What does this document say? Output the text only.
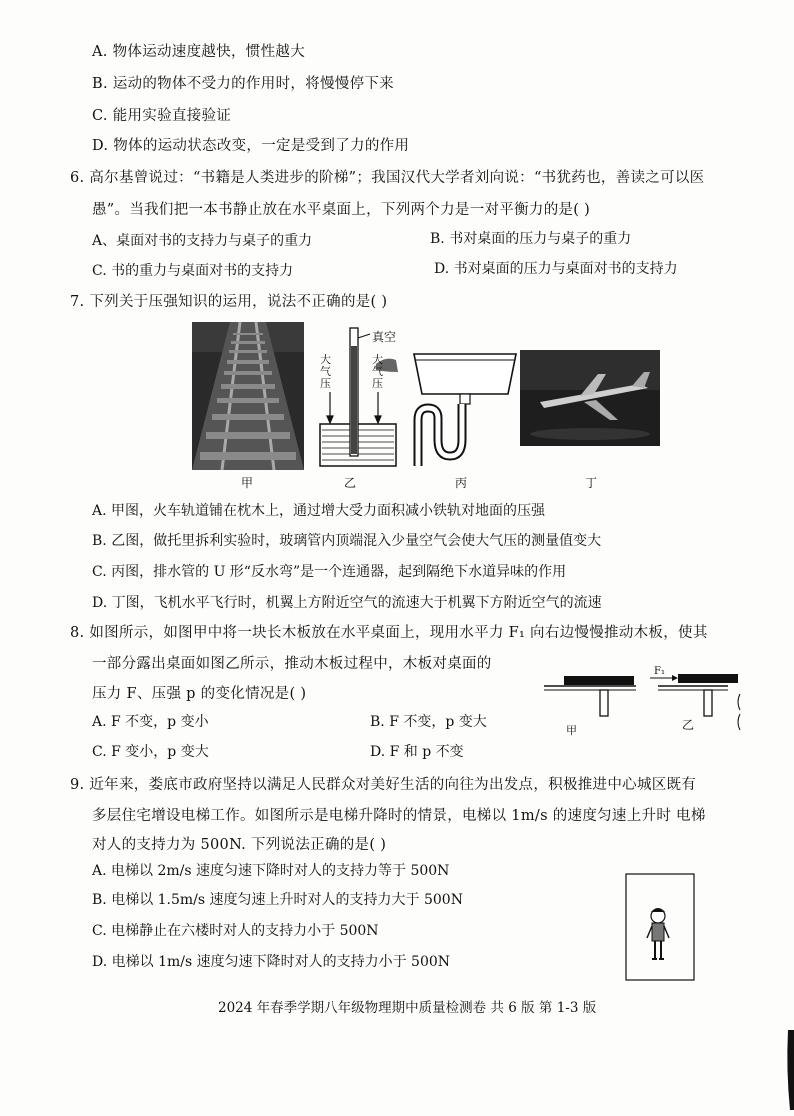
A. 物体运动速度越快，惯性越大
B. 运动的物体不受力的作用时，将慢慢停下来
C. 能用实验直接验证
D. 物体的运动状态改变，一定是受到了力的作用
6. 高尔基曾说过：“书籍是人类进步的阶梯”；我国汉代大学者刘向说：“书犹药也，善读之可以医
愚”。当我们把一本书静止放在水平桌面上，下列两个力是一对平衡力的是( )
A、桌面对书的支持力与桌子的重力	B. 书对桌面的压力与桌子的重力
C. 书的重力与桌面对书的支持力	D. 书对桌面的压力与桌面对书的支持力
7. 下列关于压强知识的运用，说法不正确的是( )
甲
真空
大气压
大气压
乙	丙	丁
A. 甲图，火车轨道铺在枕木上，通过增大受力面积减小铁轨对地面的压强
B. 乙图，做托里拆利实验时，玻璃管内顶端混入少量空气会使大气压的测量值变大
C. 丙图，排水管的 U 形“反水弯”是一个连通器，起到隔绝下水道异味的作用
D. 丁图，飞机水平飞行时，机翼上方附近空气的流速大于机翼下方附近空气的流速
8. 如图所示，如图甲中将一块长木板放在水平桌面上，现用水平力 F₁ 向右边慢慢推动木板，使其
一部分露出桌面如图乙所示，推动木板过程中，木板对桌面的
压力 F、压强 p 的变化情况是( )
A. F 不变，p 变小	B. F 不变，p 变大
C. F 变小，p 变大	D. F 和 p 不变
F₁
甲	乙
9. 近年来，娄底市政府坚持以满足人民群众对美好生活的向往为出发点，积极推进中心城区既有
多层住宅增设电梯工作。如图所示是电梯升降时的情景，电梯以 1m/s 的速度匀速上升时 电梯
对人的支持力为 500N. 下列说法正确的是( )
A. 电梯以 2m/s 速度匀速下降时对人的支持力等于 500N
B. 电梯以 1.5m/s 速度匀速上升时对人的支持力大于 500N
C. 电梯静止在六楼时对人的支持力小于 500N
D. 电梯以 1m/s 速度匀速下降时对人的支持力小于 500N
2024 年春季学期八年级物理期中质量检测卷 共 6 版 第 1-3 版
